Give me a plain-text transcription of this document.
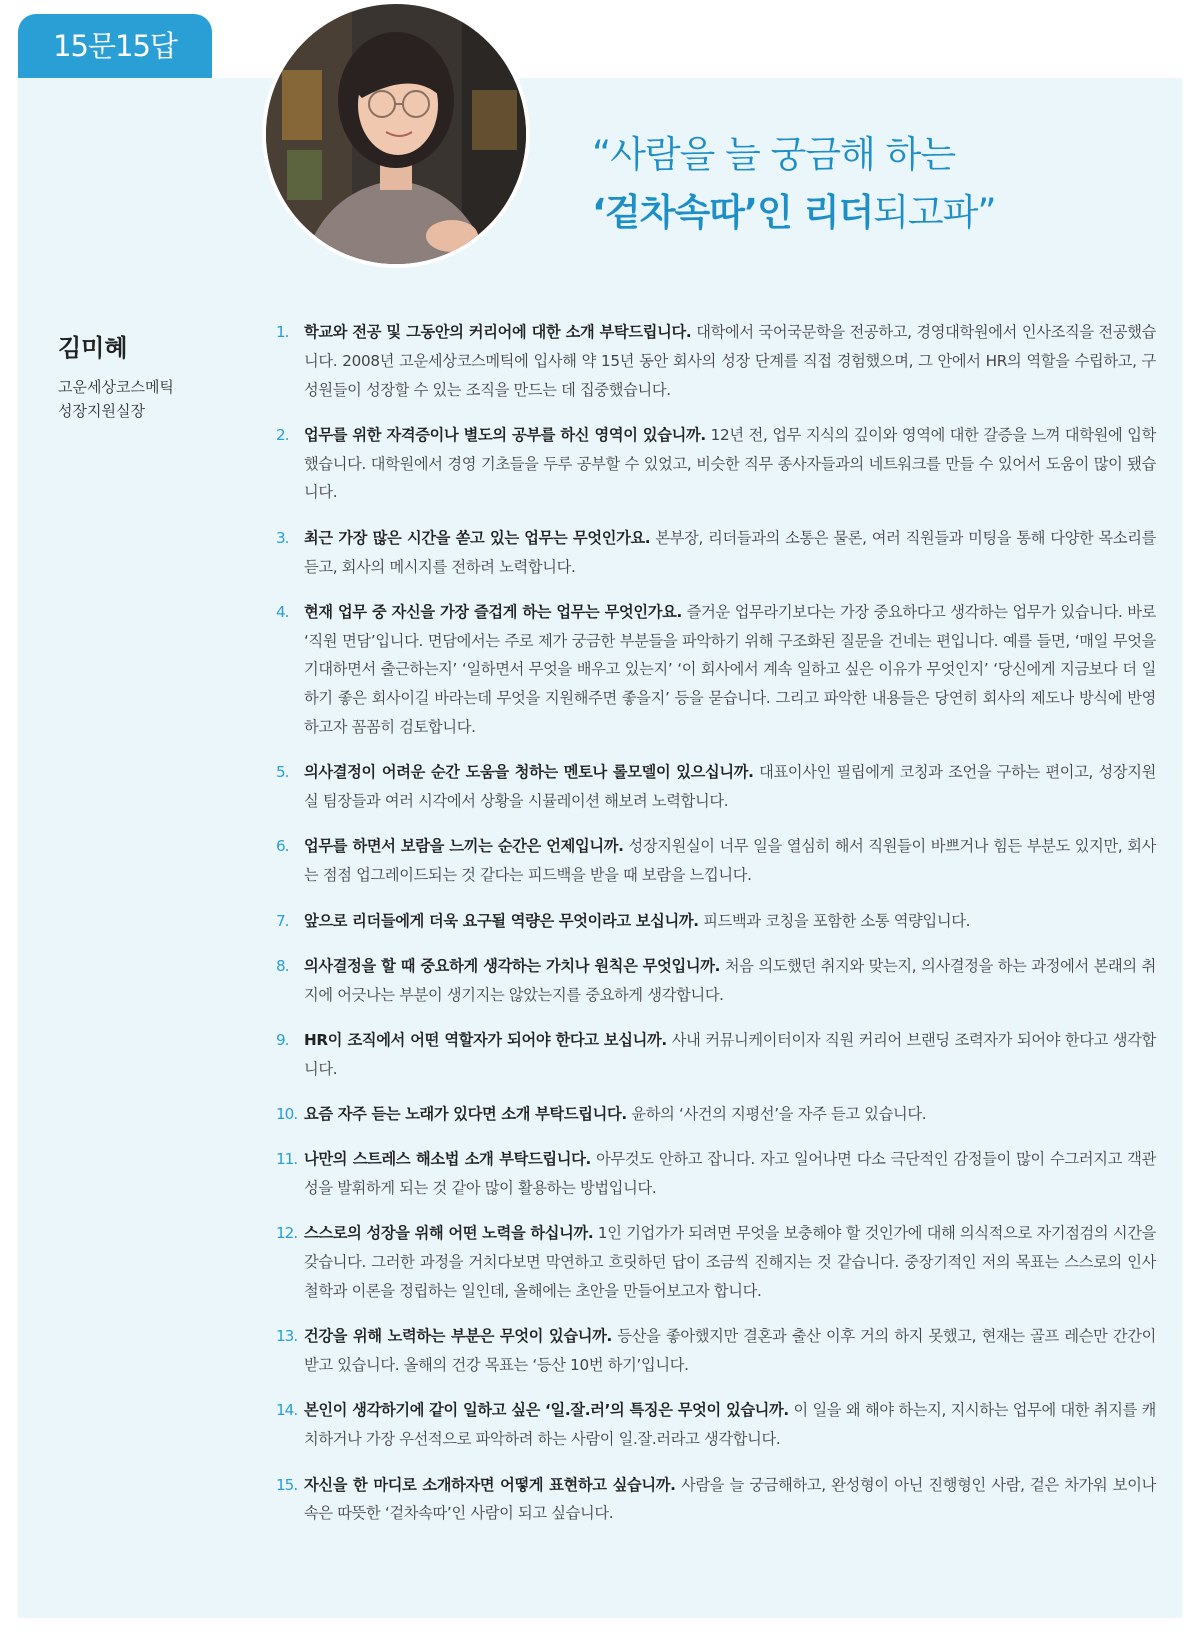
15문15답
“사람을 늘 궁금해 하는
‘겉차속따’인 리더되고파”
김미혜
고운세상코스메틱
성장지원실장
1. 학교와 전공 및 그동안의 커리어에 대한 소개 부탁드립니다. 대학에서 국어국문학을 전공하고, 경영대학원에서 인사조직을 전공했습니다. 2008년 고운세상코스메틱에 입사해 약 15년 동안 회사의 성장 단계를 직접 경험했으며, 그 안에서 HR의 역할을 수립하고, 구성원들이 성장할 수 있는 조직을 만드는 데 집중했습니다.
2. 업무를 위한 자격증이나 별도의 공부를 하신 영역이 있습니까. 12년 전, 업무 지식의 깊이와 영역에 대한 갈증을 느껴 대학원에 입학했습니다. 대학원에서 경영 기초들을 두루 공부할 수 있었고, 비슷한 직무 종사자들과의 네트워크를 만들 수 있어서 도움이 많이 됐습니다.
3. 최근 가장 많은 시간을 쏟고 있는 업무는 무엇인가요. 본부장, 리더들과의 소통은 물론, 여러 직원들과 미팅을 통해 다양한 목소리를 듣고, 회사의 메시지를 전하려 노력합니다.
4. 현재 업무 중 자신을 가장 즐겁게 하는 업무는 무엇인가요. 즐거운 업무라기보다는 가장 중요하다고 생각하는 업무가 있습니다. 바로 ‘직원 면담’입니다. 면담에서는 주로 제가 궁금한 부분들을 파악하기 위해 구조화된 질문을 건네는 편입니다. 예를 들면, ‘매일 무엇을 기대하면서 출근하는지’ ‘일하면서 무엇을 배우고 있는지’ ‘이 회사에서 계속 일하고 싶은 이유가 무엇인지’ ‘당신에게 지금보다 더 일하기 좋은 회사이길 바라는데 무엇을 지원해주면 좋을지’ 등을 묻습니다. 그리고 파악한 내용들은 당연히 회사의 제도나 방식에 반영하고자 꼼꼼히 검토합니다.
5. 의사결정이 어려운 순간 도움을 청하는 멘토나 롤모델이 있으십니까. 대표이사인 필립에게 코칭과 조언을 구하는 편이고, 성장지원실 팀장들과 여러 시각에서 상황을 시뮬레이션 해보려 노력합니다.
6. 업무를 하면서 보람을 느끼는 순간은 언제입니까. 성장지원실이 너무 일을 열심히 해서 직원들이 바쁘거나 힘든 부분도 있지만, 회사는 점점 업그레이드되는 것 같다는 피드백을 받을 때 보람을 느낍니다.
7. 앞으로 리더들에게 더욱 요구될 역량은 무엇이라고 보십니까. 피드백과 코칭을 포함한 소통 역량입니다.
8. 의사결정을 할 때 중요하게 생각하는 가치나 원칙은 무엇입니까. 처음 의도했던 취지와 맞는지, 의사결정을 하는 과정에서 본래의 취지에 어긋나는 부분이 생기지는 않았는지를 중요하게 생각합니다.
9. HR이 조직에서 어떤 역할자가 되어야 한다고 보십니까. 사내 커뮤니케이터이자 직원 커리어 브랜딩 조력자가 되어야 한다고 생각합니다.
10. 요즘 자주 듣는 노래가 있다면 소개 부탁드립니다. 윤하의 ‘사건의 지평선’을 자주 듣고 있습니다.
11. 나만의 스트레스 해소법 소개 부탁드립니다. 아무것도 안하고 잡니다. 자고 일어나면 다소 극단적인 감정들이 많이 수그러지고 객관성을 발휘하게 되는 것 같아 많이 활용하는 방법입니다.
12. 스스로의 성장을 위해 어떤 노력을 하십니까. 1인 기업가가 되려면 무엇을 보충해야 할 것인가에 대해 의식적으로 자기점검의 시간을 갖습니다. 그러한 과정을 거치다보면 막연하고 흐릿하던 답이 조금씩 진해지는 것 같습니다. 중장기적인 저의 목표는 스스로의 인사 철학과 이론을 정립하는 일인데, 올해에는 초안을 만들어보고자 합니다.
13. 건강을 위해 노력하는 부분은 무엇이 있습니까. 등산을 좋아했지만 결혼과 출산 이후 거의 하지 못했고, 현재는 골프 레슨만 간간이 받고 있습니다. 올해의 건강 목표는 ‘등산 10번 하기’입니다.
14. 본인이 생각하기에 같이 일하고 싶은 ‘일.잘.러’의 특징은 무엇이 있습니까. 이 일을 왜 해야 하는지, 지시하는 업무에 대한 취지를 캐치하거나 가장 우선적으로 파악하려 하는 사람이 일.잘.러라고 생각합니다.
15. 자신을 한 마디로 소개하자면 어떻게 표현하고 싶습니까. 사람을 늘 궁금해하고, 완성형이 아닌 진행형인 사람, 겉은 차가워 보이나 속은 따뜻한 ‘겉차속따’인 사람이 되고 싶습니다.
